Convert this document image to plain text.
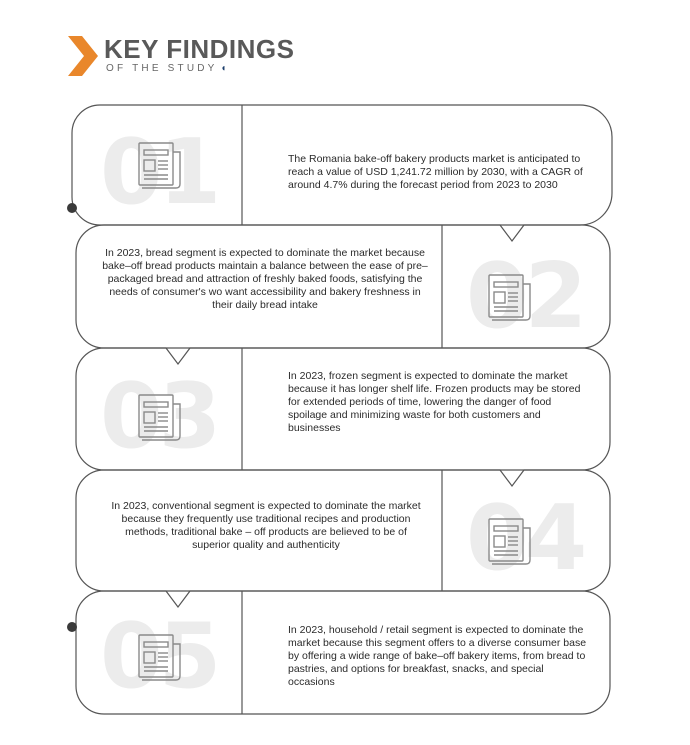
KEY FINDINGS
OF THE STUDY ◖
01	The Romania bake-off bakery products market is anticipated to reach a value of USD 1,241.72 million by 2030, with a CAGR of around 4.7% during the forecast period from 2023 to 2030
In 2023, bread segment is expected to dominate the market because bake–off bread products maintain a balance between the ease of pre–packaged bread and attraction of freshly baked foods, satisfying the needs of consumer's wo want accessibility and bakery freshness in their daily bread intake	02
03	In 2023, frozen segment is expected to dominate the market because it has longer shelf life. Frozen products may be stored for extended periods of time, lowering the danger of food spoilage and minimizing waste for both customers and businesses
In 2023, conventional segment is expected to dominate the market because they frequently use traditional recipes and production methods, traditional bake – off products are believed to be of superior quality and authenticity	04
05	In 2023, household / retail segment is expected to dominate the market because this segment offers to a diverse consumer base by offering a wide range of bake–off bakery items, from bread to pastries, and options for breakfast, snacks, and special occasions
